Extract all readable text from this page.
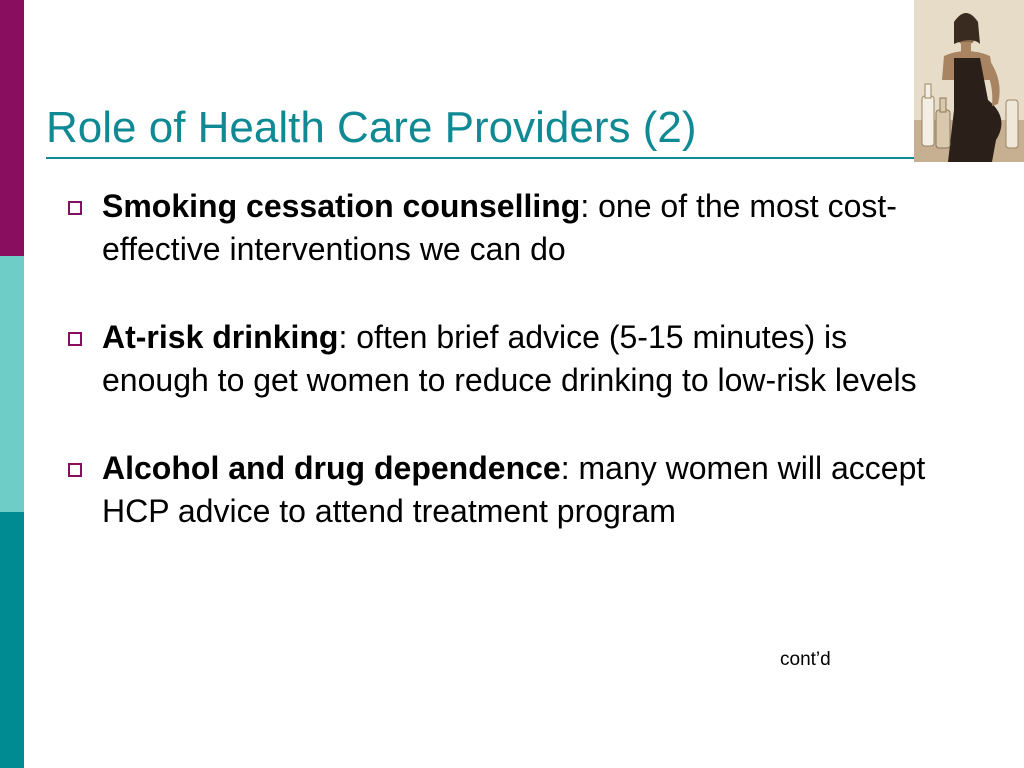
Role of Health Care Providers (2)
Smoking cessation counselling: one of the most cost-effective interventions we can do
At-risk drinking: often brief advice (5-15 minutes) is enough to get women to reduce drinking to low-risk levels
Alcohol and drug dependence: many women will accept HCP advice to attend treatment program
cont’d
